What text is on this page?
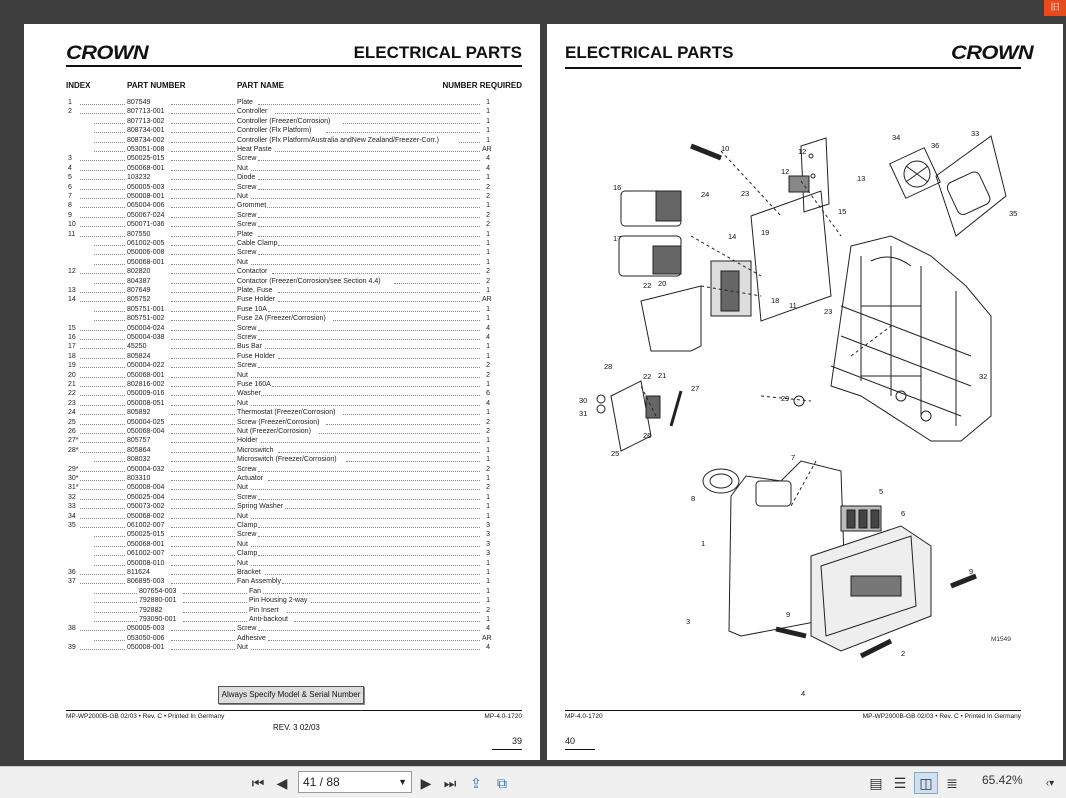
旧
CROWN	ELECTRICAL PARTS
INDEX	PART NUMBER	PART NAME	NUMBER REQUIRED
1	807549	Plate	1
2	807713-001	Controller	1
807713-002	Controller (Freezer/Corrosion)	1
808734-001	Controller (Flx Platform)	1
808734-002	Controller (Flx Platform/Australia andNew Zealand/Freezer-Corr.)	1
053051-008	Heat Paste	AR
3	050025-015	Screw	4
4	050068-001	Nut	4
5	103232	Diode	1
6	050005-003	Screw	2
7	050008-001	Nut	2
8	065004-006	Grommet	1
9	050067-024	Screw	2
10	050071-036	Screw	2
11	807550	Plate	1
061002-005	Cable Clamp	1
050006-008	Screw	1
050068-001	Nut	1
12	802820	Contactor	2
804387	Contactor (Freezer/Corrosion/see Section 4.4)	2
13	807649	Plate, Fuse	1
14	805752	Fuse Holder	AR
805751-001	Fuse 10A	1
805751-002	Fuse 2A (Freezer/Corrosion)	1
15	050004-024	Screw	4
16	050004-038	Screw	4
17	45250	Bus Bar	1
18	805824	Fuse Holder	1
19	050004-022	Screw	2
20	050068-001	Nut	2
21	802816-002	Fuse 160A	1
22	050009-016	Washer	6
23	050008-051	Nut	4
24	805892	Thermostat (Freezer/Corrosion)	1
25	050004-025	Screw (Freezer/Corrosion)	2
26	050068-004	Nut (Freezer/Corrosion)	2
27*	805757	Holder	1
28*	805864	Microswitch	1
808032	Microswitch (Freezer/Corrosion)	1
29*	050004-032	Screw	2
30*	803310	Actuator	1
31*	050008-004	Nut	2
32	050025-004	Screw	1
33	050073-002	Spring Washer	1
34	050068-002	Nut	1
35	061002-007	Clamp	3
050025-015	Screw	3
050068-001	Nut	3
061002-007	Clamp	3
050008-010	Nut	1
36	811624	Bracket	1
37	806895-003	Fan Assembly	1
807654-003	Fan	1
792880-001	Pin Housing 2-way	1
792882	Pin Insert	2
793090-001	Anti-backout	1
38	050005-003	Screw	4
053050-006	Adhesive	AR
39	050008-001	Nut	4
Always Specify Model & Serial Number
MP-WP2000B-GB 02/03 • Rev. C • Printed In Germany	MP-4.0-1720
REV. 3 02/03
39
ELECTRICAL PARTS	CROWN
1
2
3
4
5
6
7
8
9
9
10
11
12
12
13
14
15
16
17
18
19
20
21
22
22
23
23
24
25
26
27
28
29
30
31
32
33
34
35
36
M1549
MP-4.0-1720	MP-WP2000B-GB 02/03 • Rev. C • Printed In Germany
40
⏮ ◀	41 / 88	▼ ▶ ⏭ ⇪	⧉	▤ ☰ ◫ ≣	65.42%	‹▾
